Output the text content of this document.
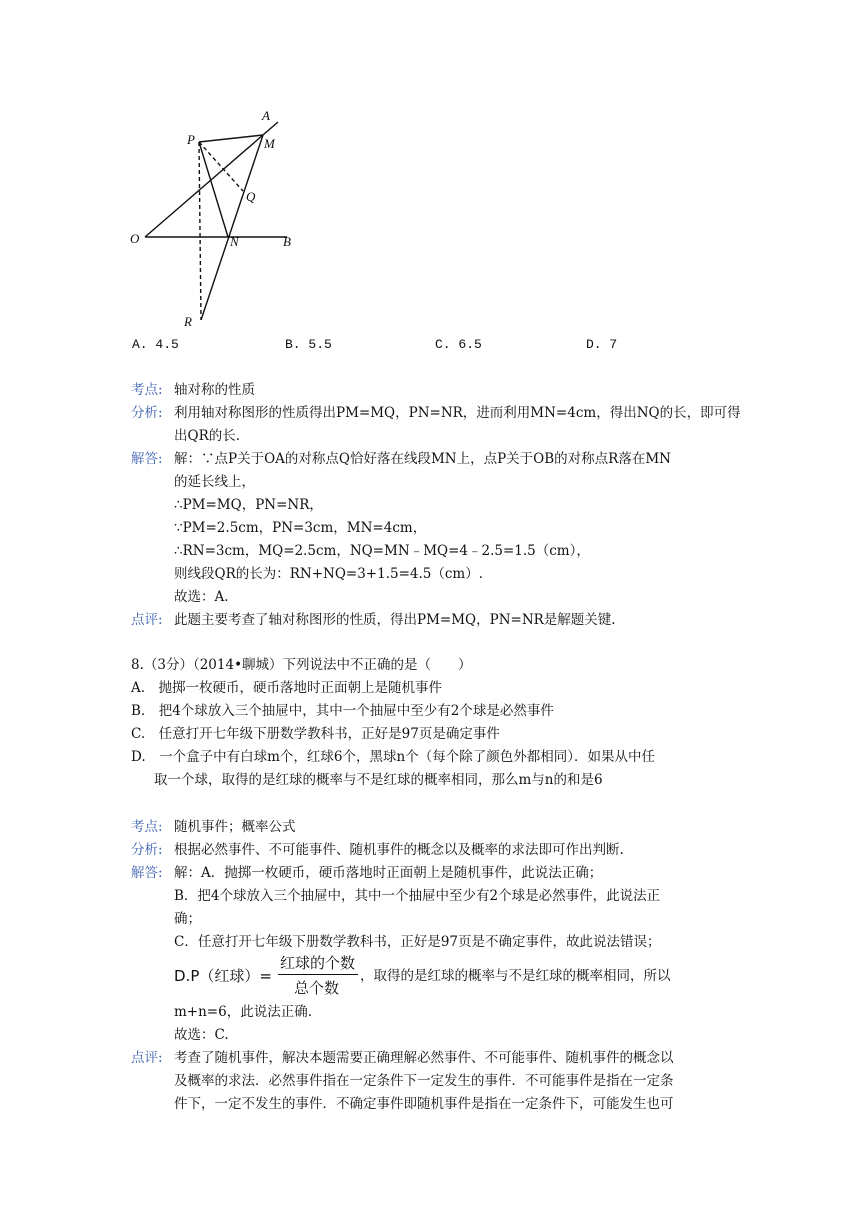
A
P	M
Q
O	N	B
R
A. 4.5	B. 5.5	C. 6.5	D. 7
考点: 轴对称的性质
分析: 利用轴对称图形的性质得出PM=MQ，PN=NR，进而利用MN=4cm，得出NQ的长，即可得
出QR的长.
解答: 解：∵点P关于OA的对称点Q恰好落在线段MN上，点P关于OB的对称点R落在MN
的延长线上，
∴PM=MQ，PN=NR，
∵PM=2.5cm，PN=3cm，MN=4cm，
∴RN=3cm，MQ=2.5cm，NQ=MN﹣MQ=4﹣2.5=1.5（cm），
则线段QR的长为：RN+NQ=3+1.5=4.5（cm）.
故选：A.
点评: 此题主要考查了轴对称图形的性质，得出PM=MQ，PN=NR是解题关键.
8.（3分）（2014•聊城）下列说法中不正确的是（　　）
A.　抛掷一枚硬币，硬币落地时正面朝上是随机事件
B.　把4个球放入三个抽屉中，其中一个抽屉中至少有2个球是必然事件
C.　任意打开七年级下册数学教科书，正好是97页是确定事件
D.　一个盒子中有白球m个，红球6个，黑球n个（每个除了颜色外都相同）．如果从中任
取一个球，取得的是红球的概率与不是红球的概率相同，那么m与n的和是6
考点: 随机事件；概率公式
分析: 根据必然事件、不可能事件、随机事件的概念以及概率的求法即可作出判断.
解答: 解：A．抛掷一枚硬币，硬币落地时正面朝上是随机事件，此说法正确；
B．把4个球放入三个抽屉中，其中一个抽屉中至少有2个球是必然事件，此说法正
确；
C．任意打开七年级下册数学教科书，正好是97页是不确定事件，故此说法错误；
D.P（红球）=
红球的个数
总个数
，取得的是红球的概率与不是红球的概率相同，所以
m+n=6，此说法正确.
故选：C.
点评: 考查了随机事件，解决本题需要正确理解必然事件、不可能事件、随机事件的概念以
及概率的求法．必然事件指在一定条件下一定发生的事件．不可能事件是指在一定条
件下，一定不发生的事件．不确定事件即随机事件是指在一定条件下，可能发生也可
